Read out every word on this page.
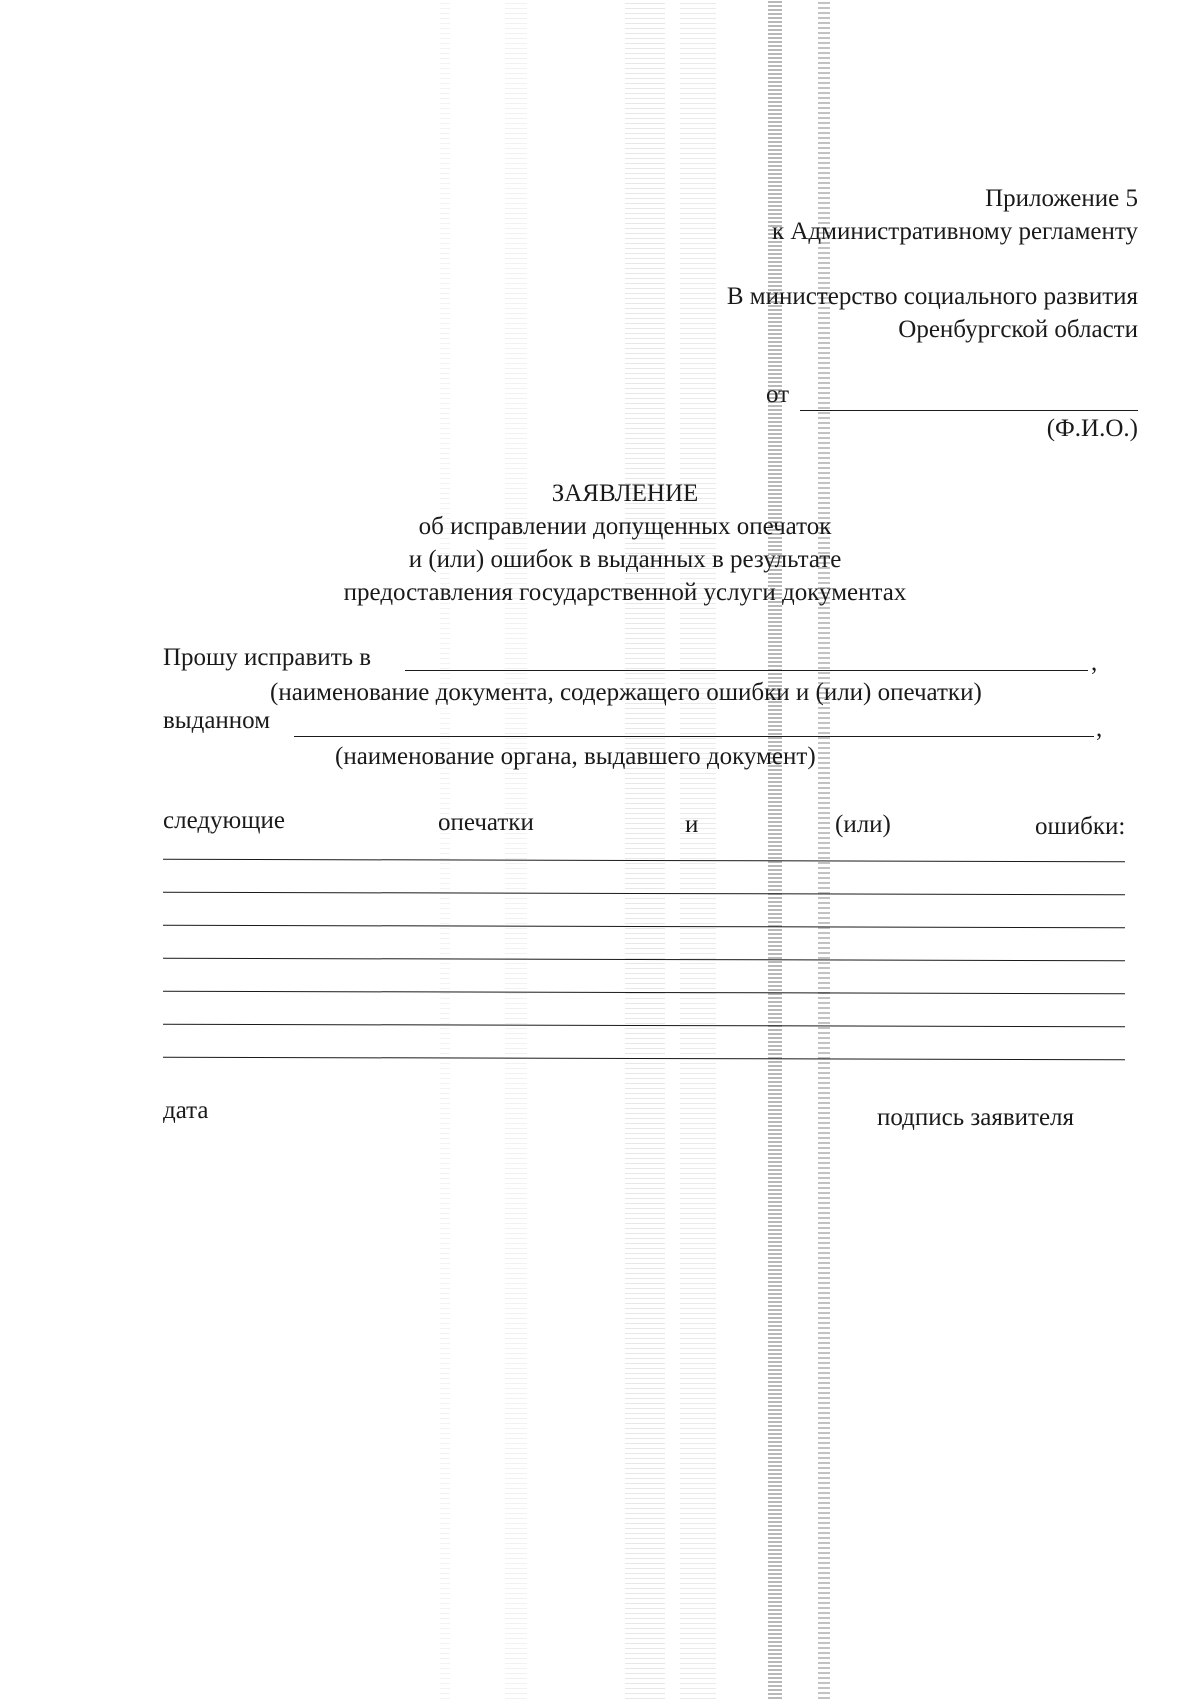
Приложение 5
к Административному регламенту
В министерство социального развития
Оренбургской области
от
(Ф.И.О.)
ЗАЯВЛЕНИЕ
об исправлении допущенных опечаток
и (или) ошибок в выданных в результате
предоставления государственной услуги документах
Прошу исправить в	,
(наименование документа, содержащего ошибки и (или) опечатки)
выданном	,
(наименование органа, выдавшего документ)
следующие	опечатки	и	(или)	ошибки:
дата	подпись заявителя
